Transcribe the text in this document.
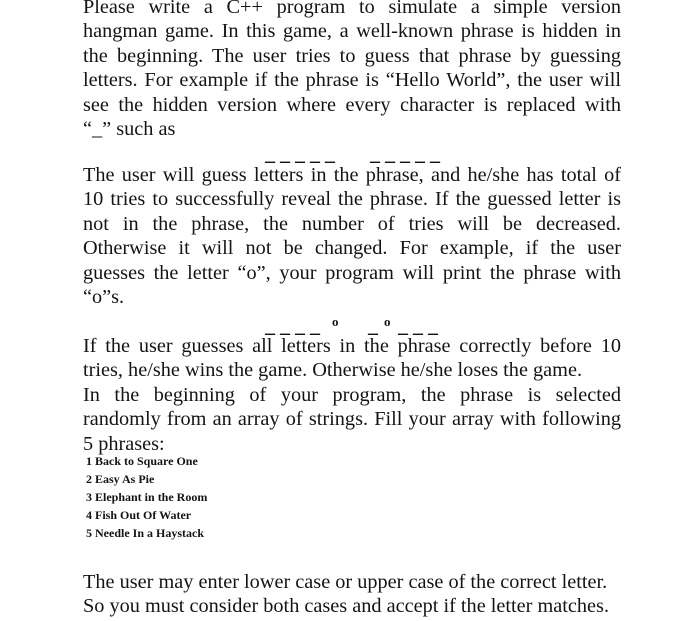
Please write a C++ program to simulate a simple version
hangman game. In this game, a well-known phrase is hidden in
the beginning. The user tries to guess that phrase by guessing
letters. For example if the phrase is “Hello World”, the user will
see the hidden version where every character is replaced with
“_” such as
_ _ _ _ _ _ _ _ _ _
The user will guess letters in the phrase, and he/she has total of
10 tries to successfully reveal the phrase. If the guessed letter is
not in the phrase, the number of tries will be decreased.
Otherwise it will not be changed. For example, if the user
guesses the letter “o”, your program will print the phrase with
“o”s.
_ _ _ _ o _ o _ _ _
If the user guesses all letters in the phrase correctly before 10
tries, he/she wins the game. Otherwise he/she loses the game.
In the beginning of your program, the phrase is selected
randomly from an array of strings. Fill your array with following
5 phrases:
1 Back to Square One
2 Easy As Pie
3 Elephant in the Room
4 Fish Out Of Water
5 Needle In a Haystack
The user may enter lower case or upper case of the correct letter.
So you must consider both cases and accept if the letter matches.
